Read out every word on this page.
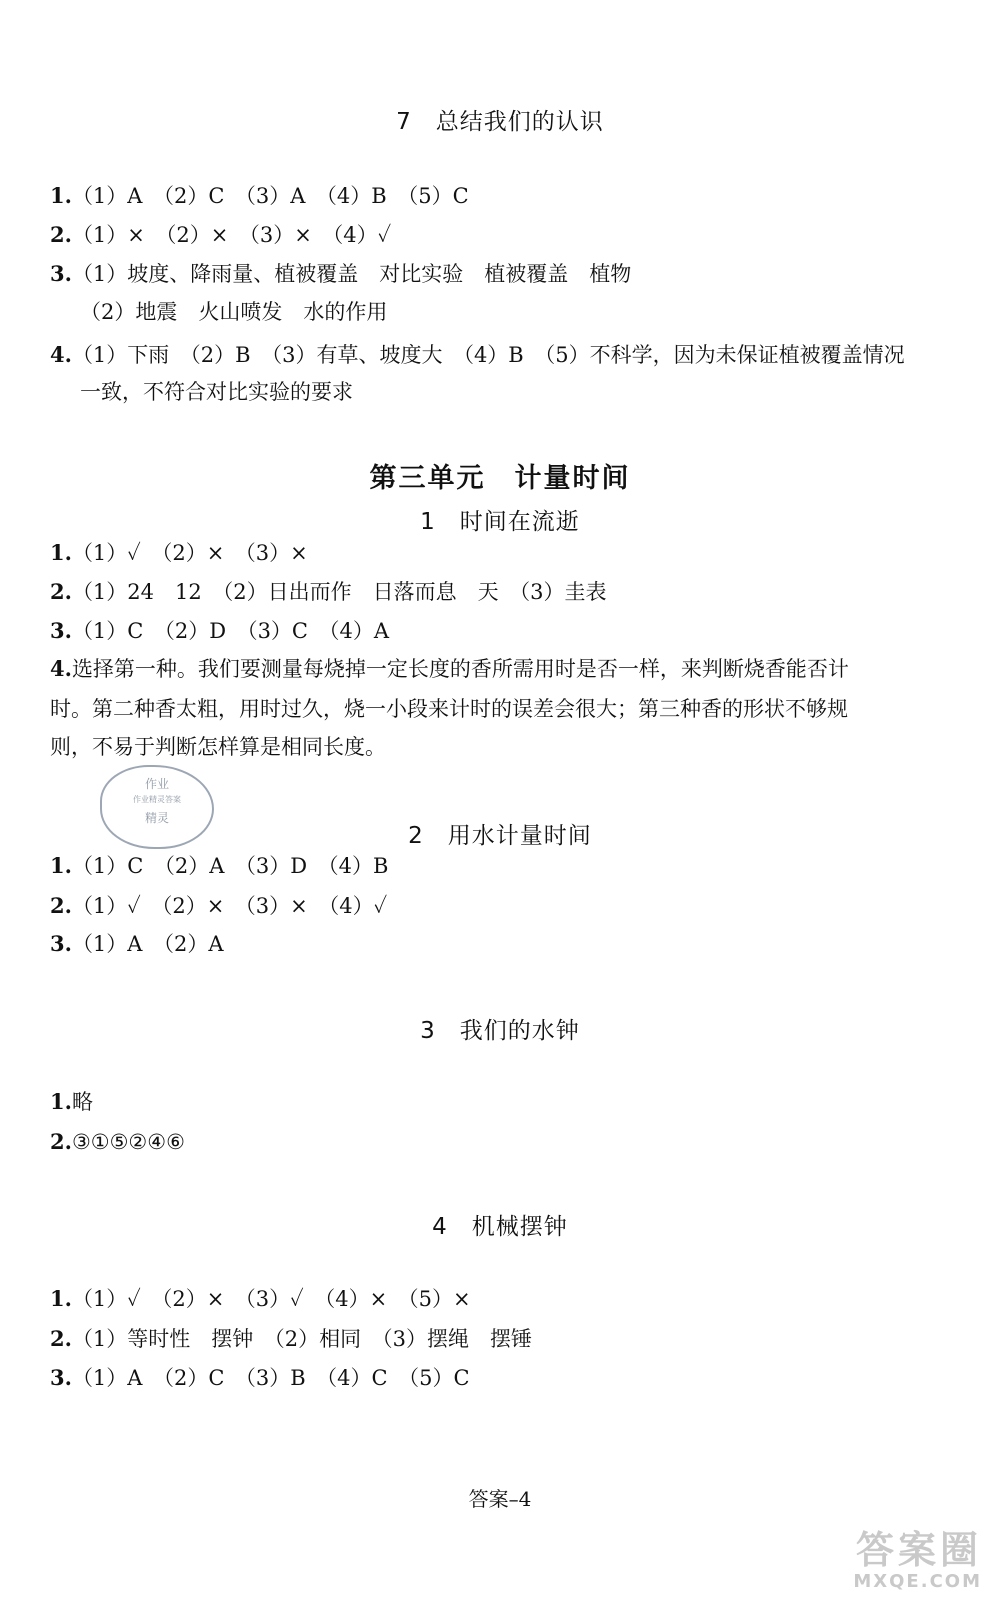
7　总结我们的认识
1.（1）A　（2）C　（3）A　（4）B　（5）C
2.（1）×　（2）×　（3）×　（4）✓
3.（1）坡度、降雨量、植被覆盖　对比实验　植被覆盖　植物
（2）地震　火山喷发　水的作用
4.（1）下雨　（2）B　（3）有草、坡度大　（4）B　（5）不科学，因为未保证植被覆盖情况
一致，不符合对比实验的要求
第三单元　计量时间
1　时间在流逝
1.（1）✓　（2）×　（3）×
2.（1）24　12　（2）日出而作　日落而息　天　（3）圭表
3.（1）C　（2）D　（3）C　（4）A
4.选择第一种。我们要测量每烧掉一定长度的香所需用时是否一样，来判断烧香能否计
时。第二种香太粗，用时过久，烧一小段来计时的误差会很大；第三种香的形状不够规
则，不易于判断怎样算是相同长度。
作业
作业精灵答案
精灵
2　用水计量时间
1.（1）C　（2）A　（3）D　（4）B
2.（1）✓　（2）×　（3）×　（4）✓
3.（1）A　（2）A
3　我们的水钟
1.略
2.③①⑤②④⑥
4　机械摆钟
1.（1）✓　（2）×　（3）✓　（4）×　（5）×
2.（1）等时性　摆钟　（2）相同　（3）摆绳　摆锤
3.（1）A　（2）C　（3）B　（4）C　（5）C
答案–4
答案圈
MXQE.COM
